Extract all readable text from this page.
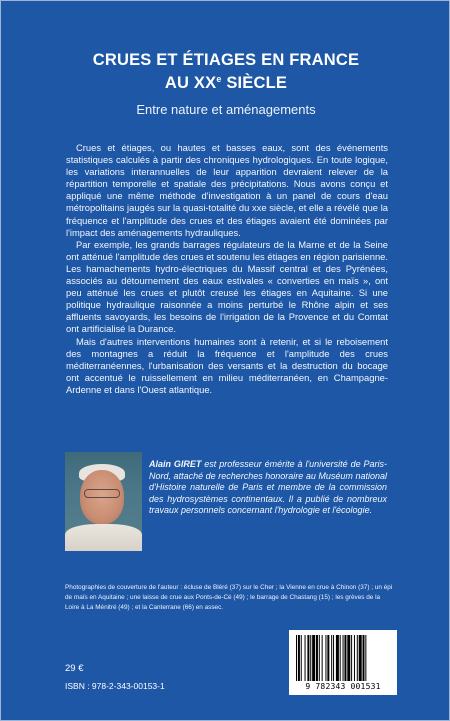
CRUES ET ÉTIAGES EN FRANCE
AU XXe SIÈCLE
Entre nature et aménagements

Crues et étiages, ou hautes et basses eaux, sont des événements statistiques calculés à partir des chroniques hydrologiques. En toute logique, les variations interannuelles de leur apparition devraient relever de la répartition temporelle et spatiale des précipitations. Nous avons conçu et appliqué une même méthode d'investigation à un panel de cours d'eau métropolitains jaugés sur la quasi-totalité du xxe siècle, et elle a révélé que la fréquence et l'amplitude des crues et des étiages avaient été dominées par l'impact des aménagements hydrauliques.

Par exemple, les grands barrages régulateurs de la Marne et de la Seine ont atténué l'amplitude des crues et soutenu les étiages en région parisienne. Les hamachements hydro-électriques du Massif central et des Pyrénées, associés au détournement des eaux estivales « converties en maïs », ont peu atténué les crues et plutôt creusé les étiages en Aquitaine. Si une politique hydraulique raisonnée a moins perturbé le Rhône alpin et ses affluents savoyards, les besoins de l'irrigation de la Provence et du Comtat ont artificialisé la Durance.

Mais d'autres interventions humaines sont à retenir, et si le reboisement des montagnes a réduit la fréquence et l'amplitude des crues méditerranéennes, l'urbanisation des versants et la destruction du bocage ont accentué le ruissellement en milieu méditerranéen, en Champagne-Ardenne et dans l'Ouest atlantique.

Alain GIRET est professeur émérite à l'université de Paris-Nord, attaché de recherches honoraire au Muséum national d'Histoire naturelle de Paris et membre de la commission des hydrosystèmes continentaux. Il a publié de nombreux travaux personnels concernant l'hydrologie et l'écologie.
Photographies de couverture de l'auteur : écluse de Bléré (37) sur le Cher ; la Vienne en crue à Chinon (37) ; un épi de maïs en Aquitaine ; une laisse de crue aux Ponts-de-Cé (49) ; le barrage de Chastang (15) ; les grèves de la Loire à La Ménitré (49) ; et la Canterrane (66) en assec.
29 €
ISBN : 978-2-343-00153-1	9 782343 001531
